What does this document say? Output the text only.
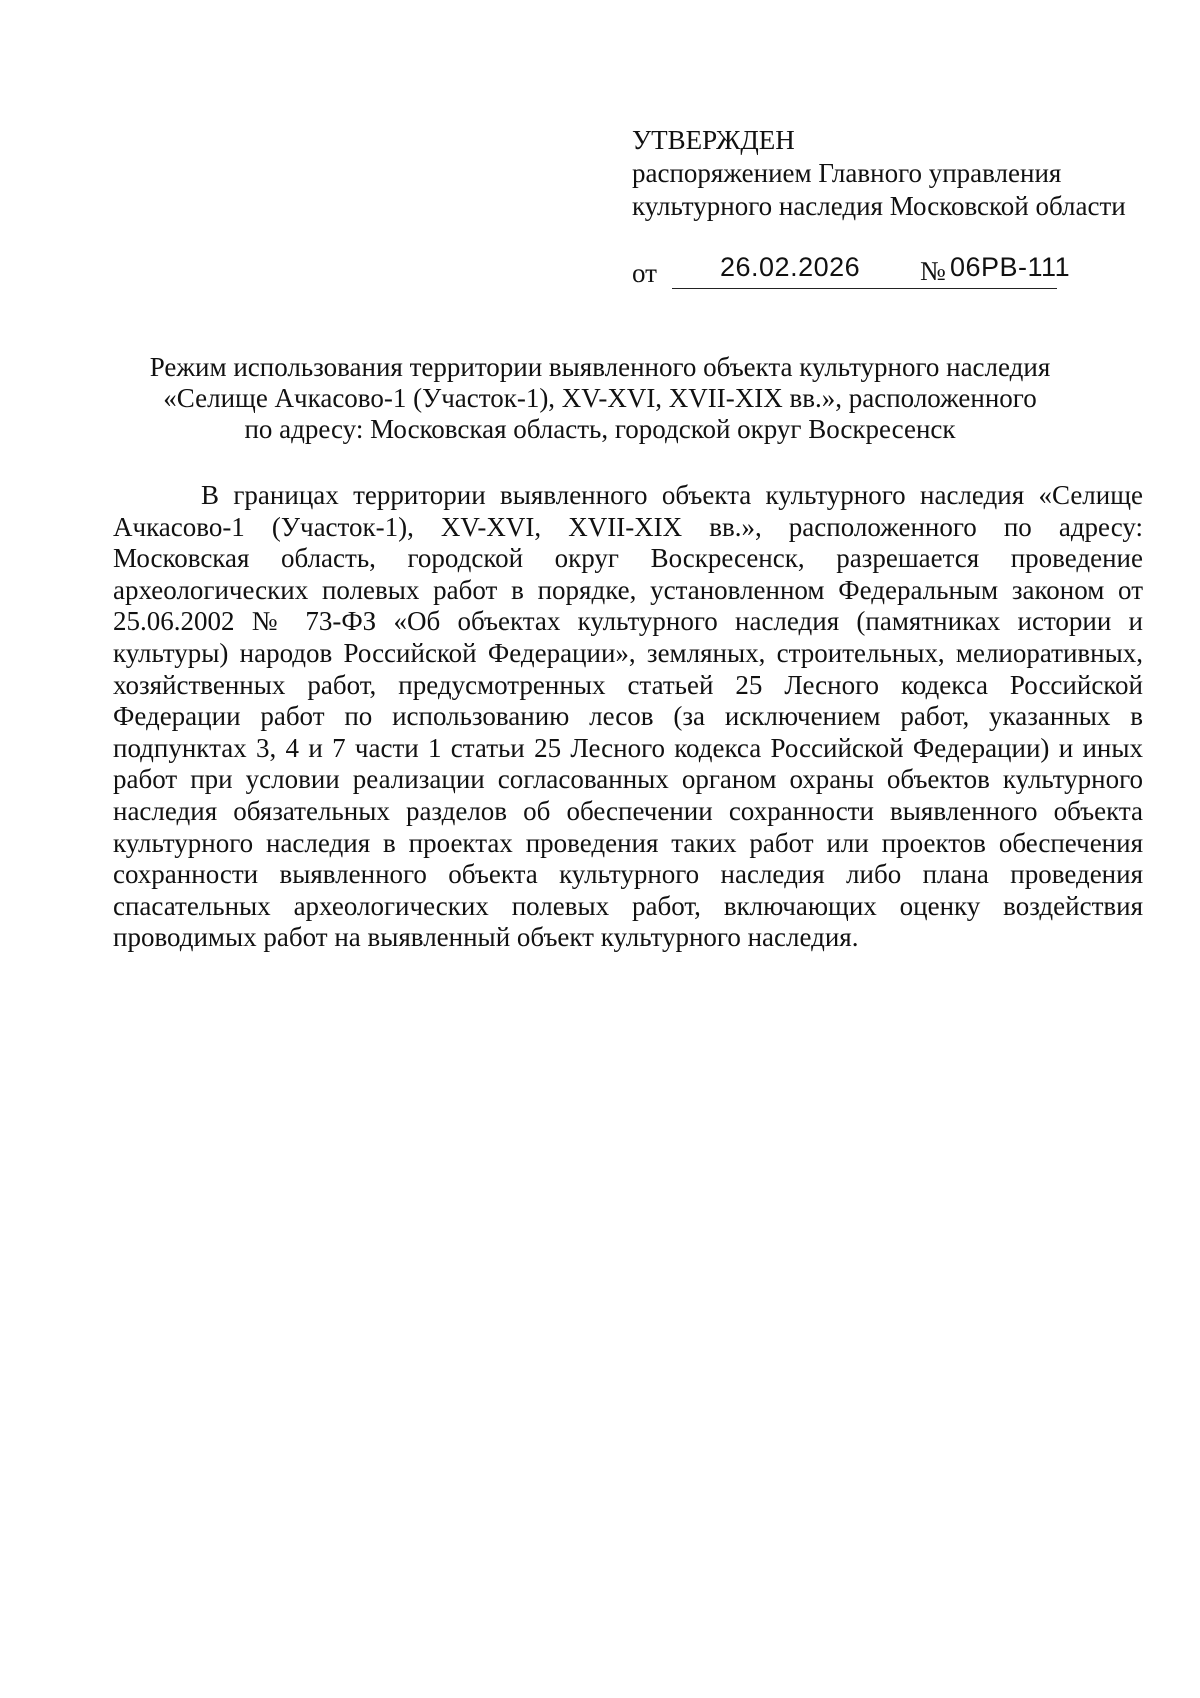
УТВЕРЖДЕН
распоряжением Главного управления
культурного наследия Московской области
от 26.02.2026 № 06РВ-111
Режим использования территории выявленного объекта культурного наследия
«Селище Ачкасово-1 (Участок-1), XV-XVI, XVII-XIX вв.», расположенного
по адресу: Московская область, городской округ Воскресенск

В границах территории выявленного объекта культурного наследия «Селище Ачкасово-1 (Участок-1), XV-XVI, XVII-XIX вв.», расположенного по адресу: Московская область, городской округ Воскресенск, разрешается проведение археологических полевых работ в порядке, установленном Федеральным законом от 25.06.2002 № 73-ФЗ «Об объектах культурного наследия (памятниках истории и культуры) народов Российской Федерации», земляных, строительных, мелиоративных, хозяйственных работ, предусмотренных статьей 25 Лесного кодекса Российской Федерации работ по использованию лесов (за исключением работ, указанных в подпунктах 3, 4 и 7 части 1 статьи 25 Лесного кодекса Российской Федерации) и иных работ при условии реализации согласованных органом охраны объектов культурного наследия обязательных разделов об обеспечении сохранности выявленного объекта культурного наследия в проектах проведения таких работ или проектов обеспечения сохранности выявленного объекта культурного наследия либо плана проведения спасательных археологических полевых работ, включающих оценку воздействия проводимых работ на выявленный объект культурного наследия.
